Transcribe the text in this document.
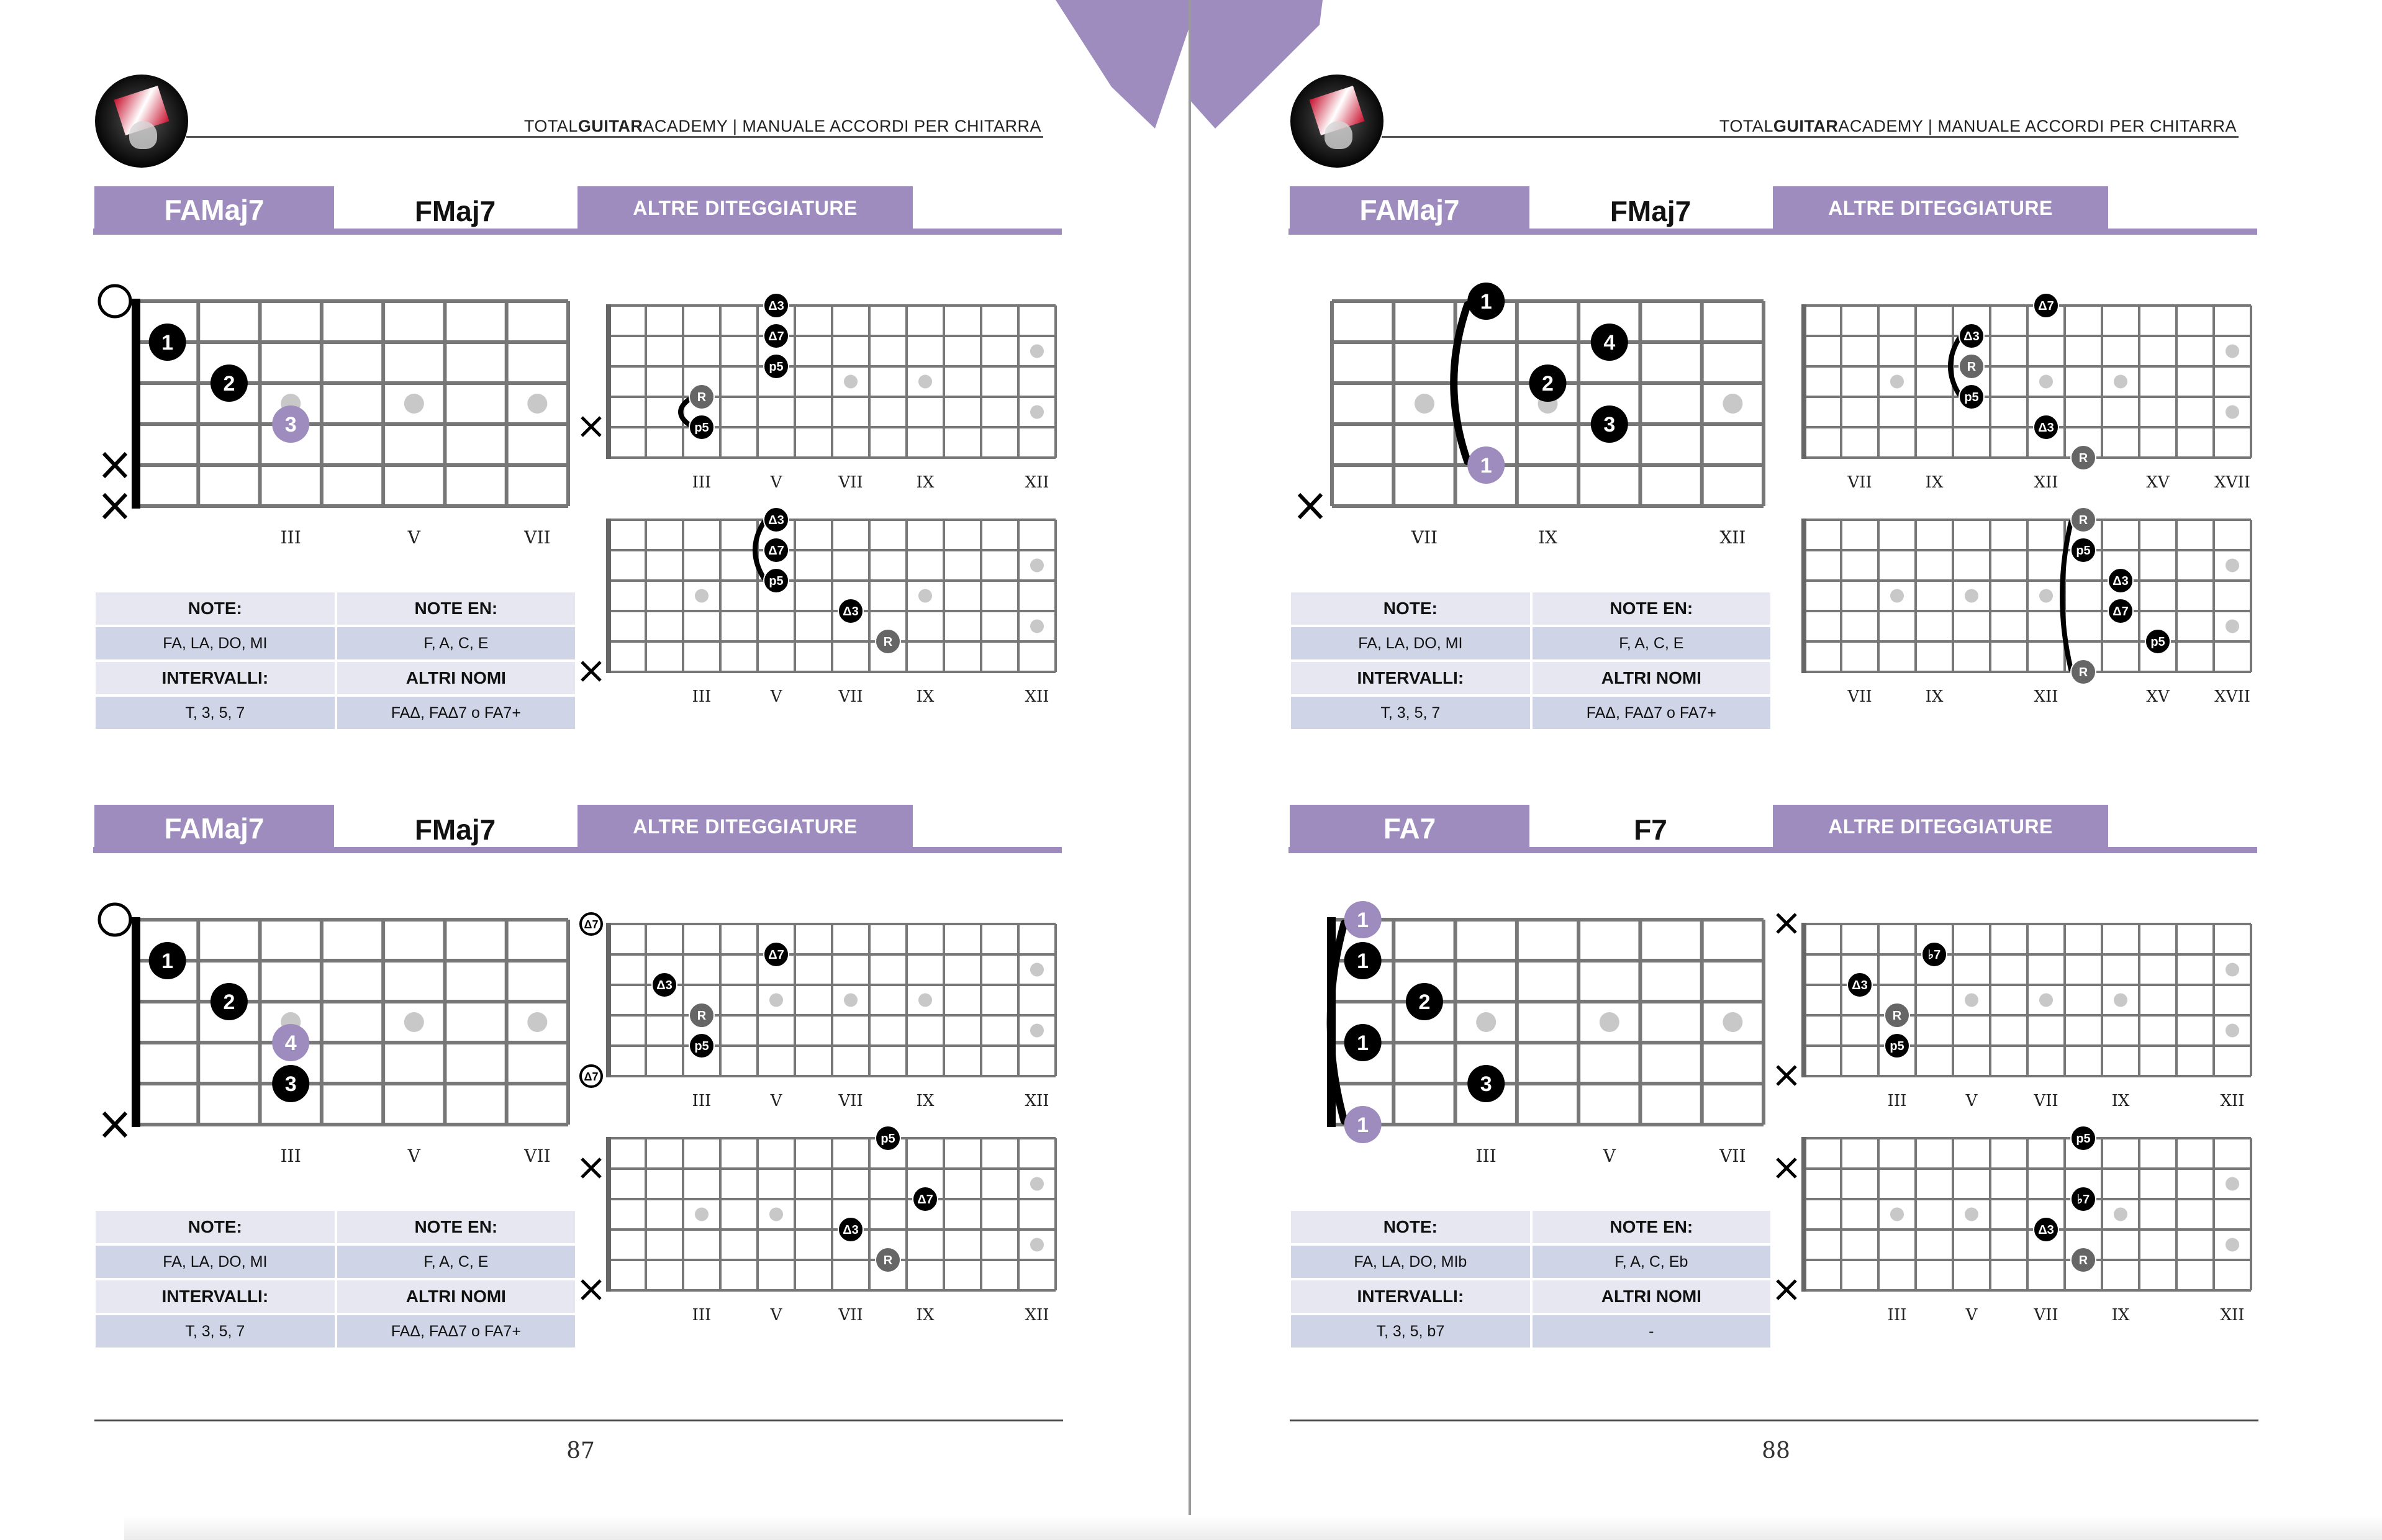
TOTALGUITARACADEMY | MANUALE ACCORDI PER CHITARRA
FAMaj7	FMaj7	ALTRE DITEGGIATURE
1
2
3
III	V	VII
Δ3
Δ7
p5
R
p5
III	V	VII	IX	XII
Δ3
Δ7
p5
Δ3
R
III	V	VII	IX	XII
NOTE:	NOTE EN:
FA, LA, DO, MI	F, A, C, E
INTERVALLI:	ALTRI NOMI
T, 3, 5, 7	FAΔ, FAΔ7 o FA7+
FAMaj7	FMaj7	ALTRE DITEGGIATURE
1
2
4
3
III	V	VII
Δ7
Δ7
Δ7
Δ3
R
p5
III	V	VII	IX	XII
p5
Δ7
Δ3
R
III	V	VII	IX	XII
NOTE:	NOTE EN:
FA, LA, DO, MI	F, A, C, E
INTERVALLI:	ALTRI NOMI
T, 3, 5, 7	FAΔ, FAΔ7 o FA7+
87
TOTALGUITARACADEMY | MANUALE ACCORDI PER CHITARRA
FAMaj7	FMaj7	ALTRE DITEGGIATURE
1
4
2
3
1
VII	IX	XII
Δ7
Δ3
R
p5
Δ3
R
VII	IX	XII	XV	XVII
R
p5
Δ3
Δ7
p5
R
VII	IX	XII	XV	XVII
NOTE:	NOTE EN:
FA, LA, DO, MI	F, A, C, E
INTERVALLI:	ALTRI NOMI
T, 3, 5, 7	FAΔ, FAΔ7 o FA7+
FA7	F7	ALTRE DITEGGIATURE
1
1
2
1
3
1
III	V	VII
♭7
Δ3
R
p5
III	V	VII	IX	XII
p5
♭7
Δ3
R
III	V	VII	IX	XII
NOTE:	NOTE EN:
FA, LA, DO, MIb	F, A, C, Eb
INTERVALLI:	ALTRI NOMI
T, 3, 5, b7	-
88
